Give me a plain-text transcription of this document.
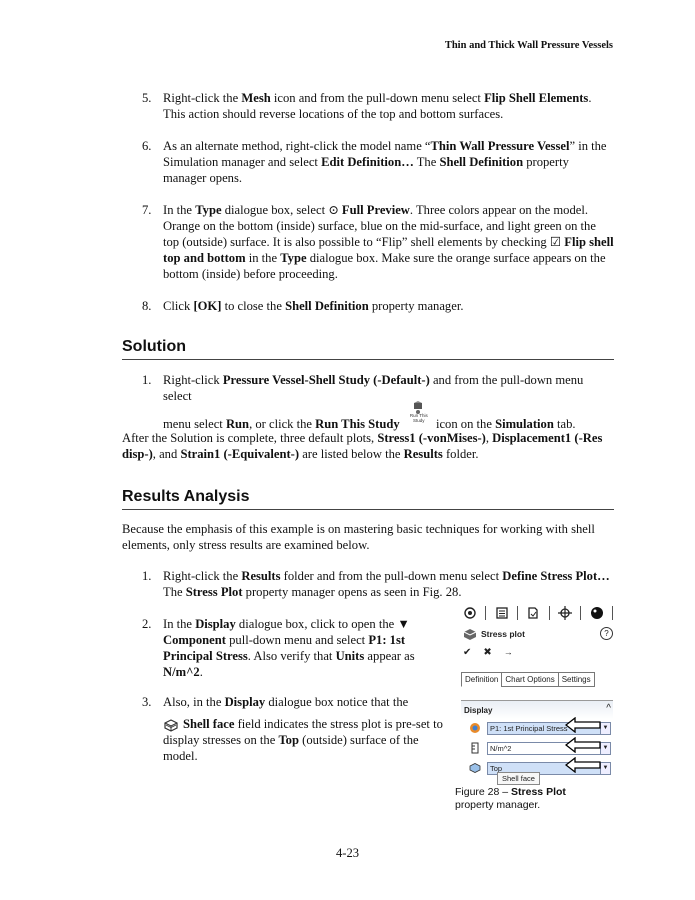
Thin and Thick Wall Pressure Vessels
5. Right-click the Mesh icon and from the pull-down menu select Flip Shell Elements. This action should reverse locations of the top and bottom surfaces.
6. As an alternate method, right-click the model name “Thin Wall Pressure Vessel” in the Simulation manager and select Edit Definition… The Shell Definition property manager opens.
7. In the Type dialogue box, select ⊙ Full Preview. Three colors appear on the model. Orange on the bottom (inside) surface, blue on the mid-surface, and light green on the top (outside) surface. It is also possible to “Flip” shell elements by checking ☑ Flip shell top and bottom in the Type dialogue box. Make sure the orange surface appears on the bottom (inside) before proceeding.
8. Click [OK] to close the Shell Definition property manager.
Solution
1. Right-click Pressure Vessel-Shell Study (-Default-) and from the pull-down menu select
menu select Run, or click the Run This Study
Run This Study icon on the Simulation tab.
After the Solution is complete, three default plots, Stress1 (-vonMises-), Displacement1 (-Res disp-), and Strain1 (-Equivalent-) are listed below the Results folder.
Results Analysis
Because the emphasis of this example is on mastering basic techniques for working with shell elements, only stress results are examined below.
1. Right-click the Results folder and from the pull-down menu select Define Stress Plot… The Stress Plot property manager opens as seen in Fig. 28.
2. In the Display dialogue box, click to open the ▼ Component pull-down menu and select P1: 1st Principal Stress. Also verify that Units appear as N/m^2.
3. Also, in the Display dialogue box notice that the
Shell face field indicates the stress plot is pre-set to display stresses on the Top (outside) surface of the model.
Stress plot	?
✔ ✖ →
Definition Chart Options Settings
Display	^
P1: 1st Principal Stress	▼
N/m^2	▼
Top	▼
Shell face
Figure 28 – Stress Plot
property manager.
4-23
